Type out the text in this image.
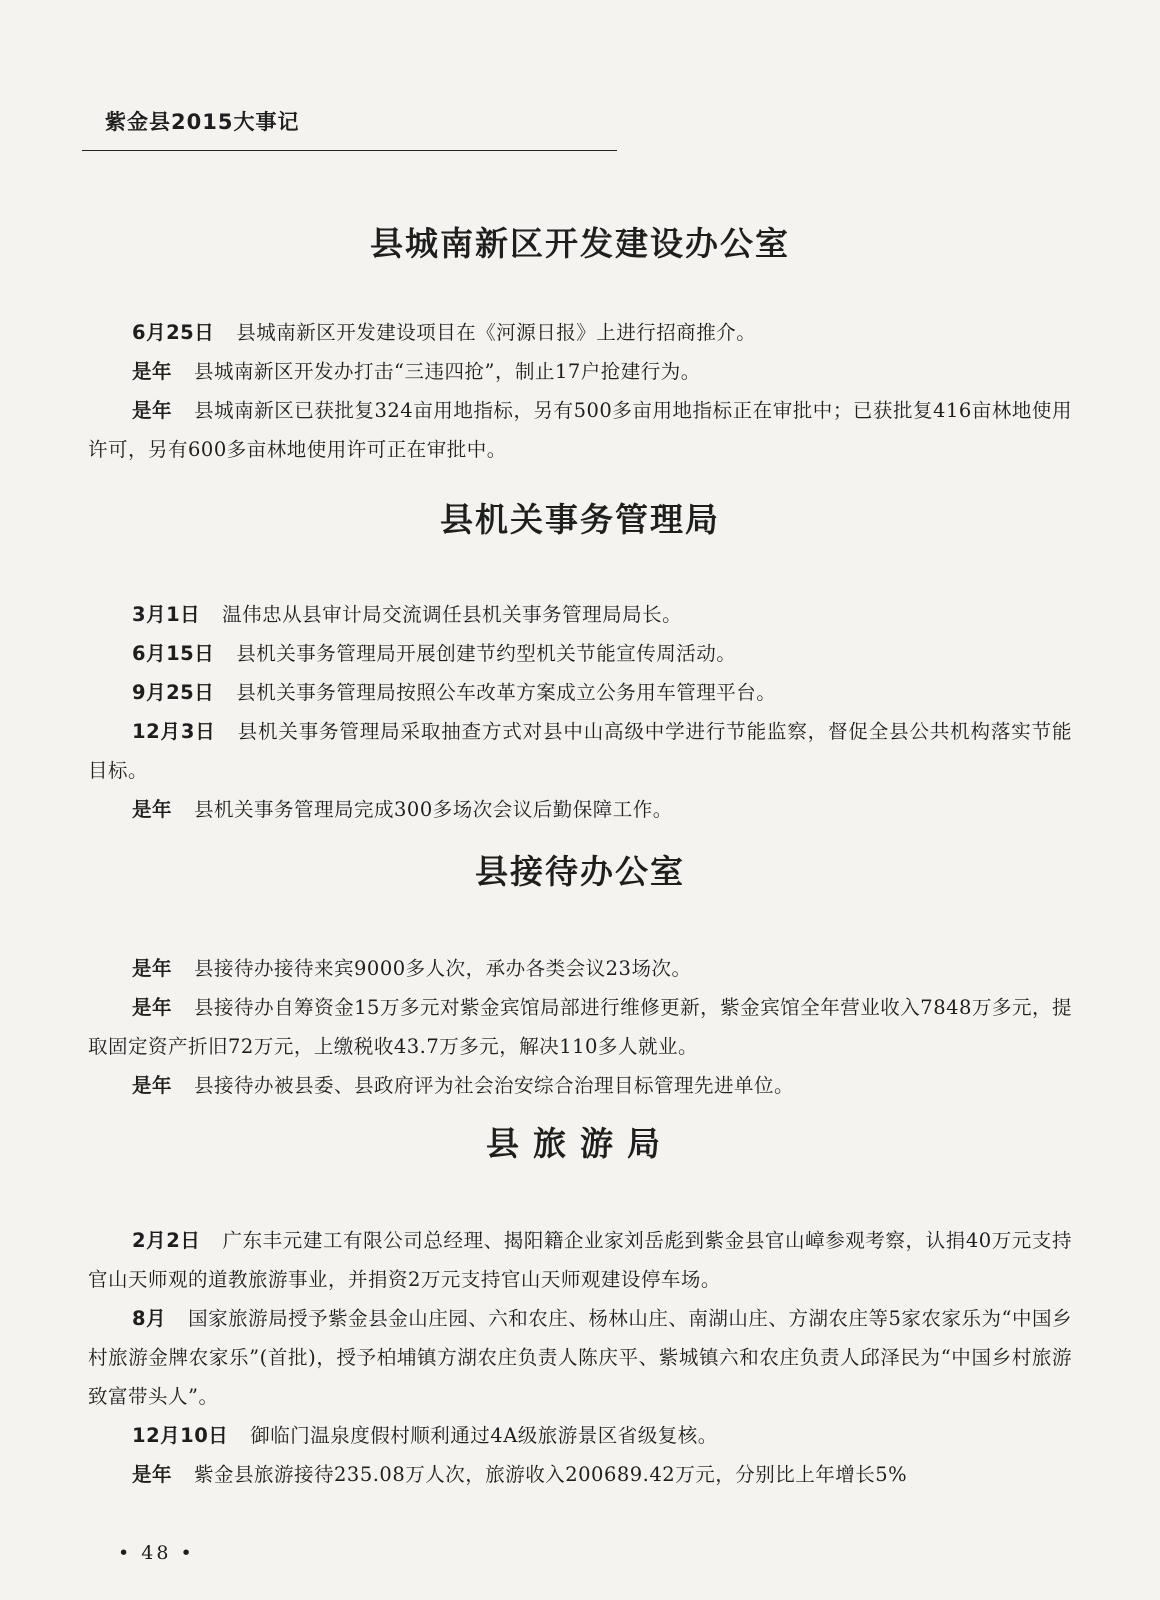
紫金县2015大事记
县城南新区开发建设办公室

6月25日 县城南新区开发建设项目在《河源日报》上进行招商推介。

是年 县城南新区开发办打击“三违四抢”，制止17户抢建行为。

是年 县城南新区已获批复324亩用地指标，另有500多亩用地指标正在审批中；已获批复416亩林地使用许可，另有600多亩林地使用许可正在审批中。

县机关事务管理局

3月1日 温伟忠从县审计局交流调任县机关事务管理局局长。

6月15日 县机关事务管理局开展创建节约型机关节能宣传周活动。

9月25日 县机关事务管理局按照公车改革方案成立公务用车管理平台。

12月3日 县机关事务管理局采取抽查方式对县中山高级中学进行节能监察，督促全县公共机构落实节能目标。

是年 县机关事务管理局完成300多场次会议后勤保障工作。

县接待办公室

是年 县接待办接待来宾9000多人次，承办各类会议23场次。

是年 县接待办自筹资金15万多元对紫金宾馆局部进行维修更新，紫金宾馆全年营业收入7848万多元，提取固定资产折旧72万元，上缴税收43.7万多元，解决110多人就业。

是年 县接待办被县委、县政府评为社会治安综合治理目标管理先进单位。

县旅游局

2月2日 广东丰元建工有限公司总经理、揭阳籍企业家刘岳彪到紫金县官山嶂参观考察，认捐40万元支持官山天师观的道教旅游事业，并捐资2万元支持官山天师观建设停车场。

8月 国家旅游局授予紫金县金山庄园、六和农庄、杨林山庄、南湖山庄、方湖农庄等5家农家乐为“中国乡村旅游金牌农家乐”(首批)，授予柏埔镇方湖农庄负责人陈庆平、紫城镇六和农庄负责人邱泽民为“中国乡村旅游致富带头人”。

12月10日 御临门温泉度假村顺利通过4A级旅游景区省级复核。

是年 紫金县旅游接待235.08万人次，旅游收入200689.42万元，分别比上年增长5%

• 48 •
